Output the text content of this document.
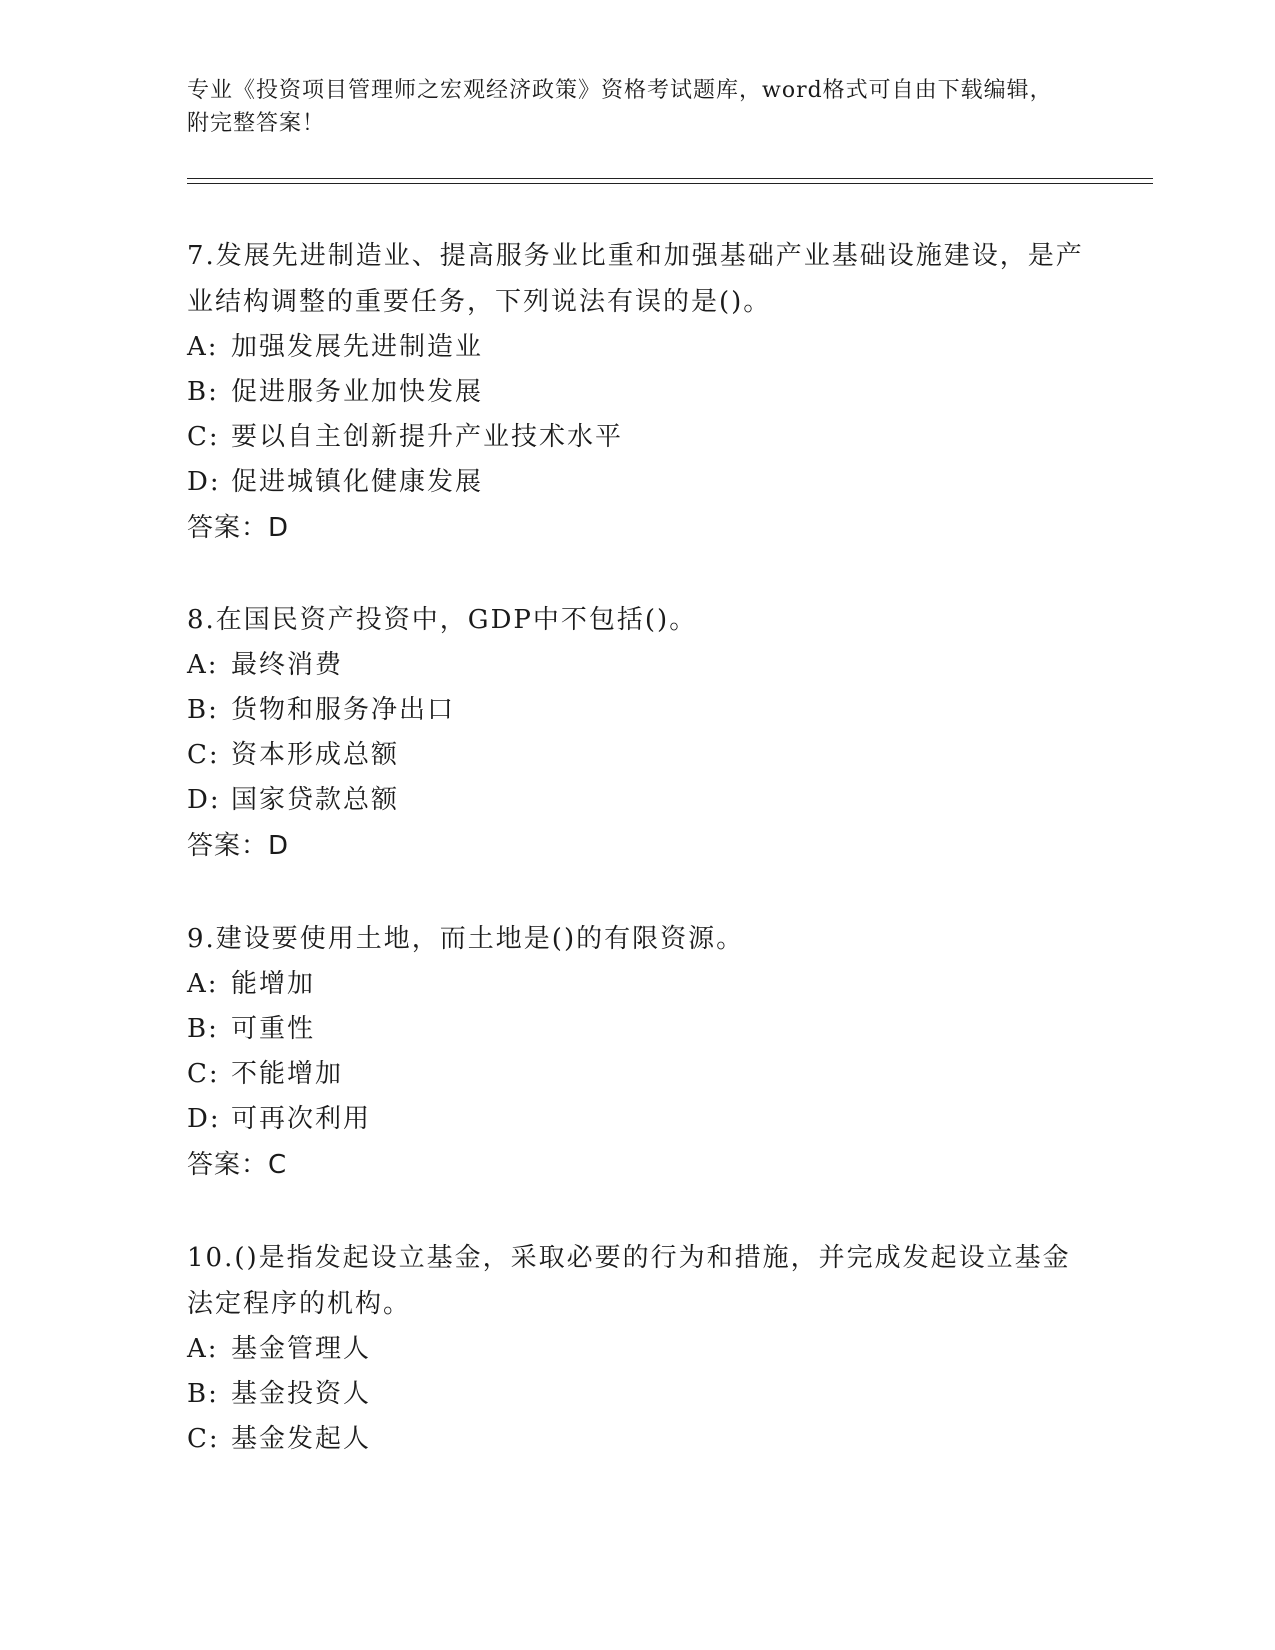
专业《投资项目管理师之宏观经济政策》资格考试题库，word格式可自由下载编辑，附完整答案！
7.发展先进制造业、提高服务业比重和加强基础产业基础设施建设，是产业结构调整的重要任务，下列说法有误的是()。
A: 加强发展先进制造业
B: 促进服务业加快发展
C: 要以自主创新提升产业技术水平
D: 促进城镇化健康发展
答案：D
8.在国民资产投资中，GDP中不包括()。
A: 最终消费
B: 货物和服务净出口
C: 资本形成总额
D: 国家贷款总额
答案：D
9.建设要使用土地，而土地是()的有限资源。
A: 能增加
B: 可重性
C: 不能增加
D: 可再次利用
答案：C
10.()是指发起设立基金，采取必要的行为和措施，并完成发起设立基金法定程序的机构。
A: 基金管理人
B: 基金投资人
C: 基金发起人
